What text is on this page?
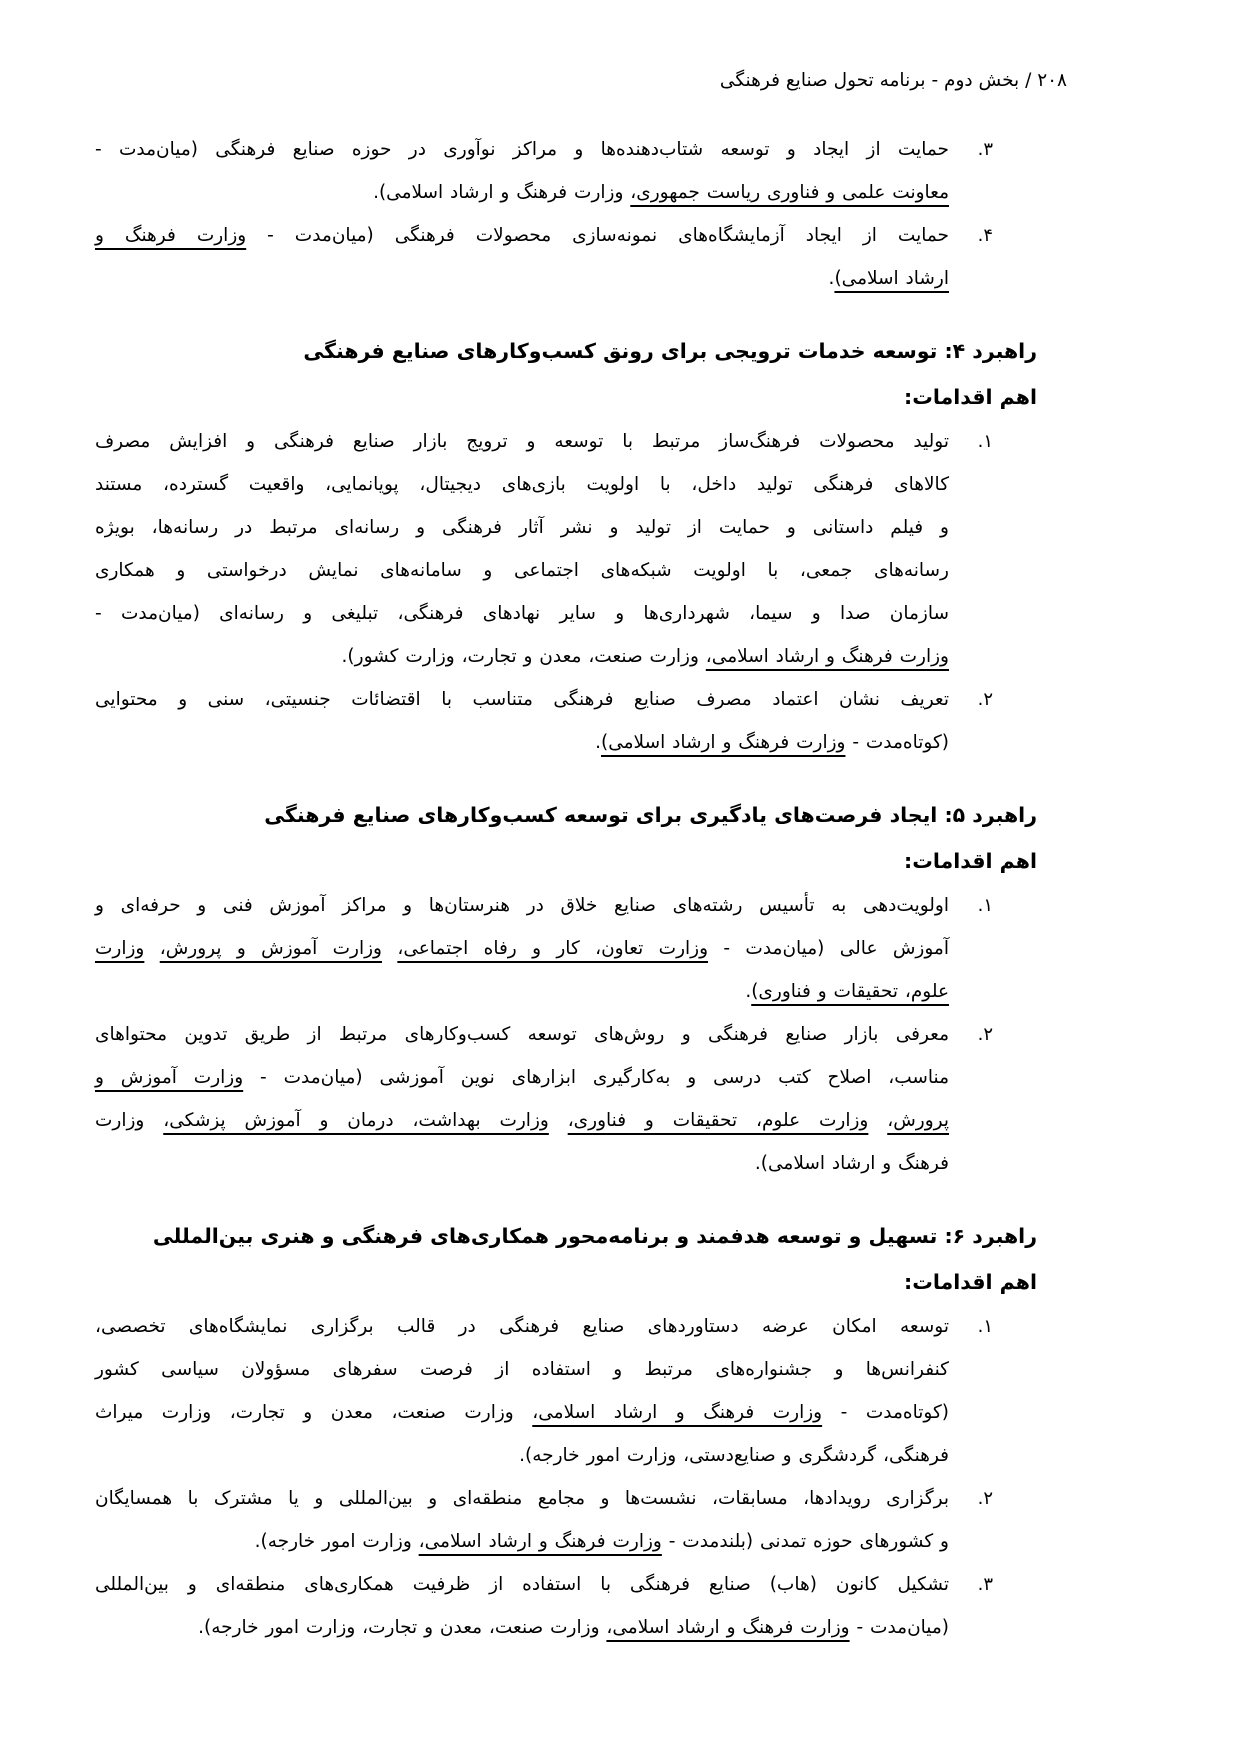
۲۰۸ / بخش دوم - برنامه تحول صنایع فرهنگی
۳.
حمایت از ایجاد و توسعه شتاب‌دهنده‌ها و مراکز نوآوری در حوزه صنایع فرهنگی (میان‌مدت -
معاونت علمی و فناوری ریاست جمهوری، وزارت فرهنگ و ارشاد اسلامی).
۴.
حمایت از ایجاد آزمایشگاه‌های نمونه‌سازی محصولات فرهنگی (میان‌مدت - وزارت فرهنگ و
ارشاد اسلامی).
راهبرد ۴: توسعه خدمات ترویجی برای رونق کسب‌وکارهای صنایع فرهنگی
اهم اقدامات:
۱.
تولید محصولات فرهنگ‌ساز مرتبط با توسعه و ترویج بازار صنایع فرهنگی و افزایش مصرف
کالاهای فرهنگی تولید داخل، با اولویت بازی‌های دیجیتال، پویانمایی، واقعیت گسترده، مستند
و فیلم داستانی و حمایت از تولید و نشر آثار فرهنگی و رسانه‌ای مرتبط در رسانه‌ها، بویژه
رسانه‌های جمعی، با اولویت شبکه‌های اجتماعی و سامانه‌های نمایش درخواستی و همکاری
سازمان صدا و سیما، شهرداری‌ها و سایر نهادهای فرهنگی، تبلیغی و رسانه‌ای (میان‌مدت -
وزارت فرهنگ و ارشاد اسلامی، وزارت صنعت، معدن و تجارت، وزارت کشور).
۲.
تعریف نشان اعتماد مصرف صنایع فرهنگی متناسب با اقتضائات جنسیتی، سنی و محتوایی
(کوتاه‌مدت - وزارت فرهنگ و ارشاد اسلامی).
راهبرد ۵: ایجاد فرصت‌های یادگیری برای توسعه کسب‌وکارهای صنایع فرهنگی
اهم اقدامات:
۱.
اولویت‌دهی به تأسیس رشته‌های صنایع خلاق در هنرستان‌ها و مراکز آموزش فنی و حرفه‌ای و
آموزش عالی (میان‌مدت - وزارت تعاون، کار و رفاه اجتماعی، وزارت آموزش و پرورش، وزارت
علوم، تحقیقات و فناوری).
۲.
معرفی بازار صنایع فرهنگی و روش‌های توسعه کسب‌وکارهای مرتبط از طریق تدوین محتواهای
مناسب، اصلاح کتب درسی و به‌کارگیری ابزارهای نوین آموزشی (میان‌مدت - وزارت آموزش و
پرورش، وزارت علوم، تحقیقات و فناوری، وزارت بهداشت، درمان و آموزش پزشکی، وزارت
فرهنگ و ارشاد اسلامی).
راهبرد ۶: تسهیل و توسعه هدفمند و برنامه‌محور همکاری‌های فرهنگی و هنری بین‌المللی
اهم اقدامات:
۱.
توسعه امکان عرضه دستاوردهای صنایع فرهنگی در قالب برگزاری نمایشگاه‌های تخصصی،
کنفرانس‌ها و جشنواره‌های مرتبط و استفاده از فرصت سفرهای مسؤولان سیاسی کشور
(کوتاه‌مدت - وزارت فرهنگ و ارشاد اسلامی، وزارت صنعت، معدن و تجارت، وزارت میراث
فرهنگی، گردشگری و صنایع‌دستی، وزارت امور خارجه).
۲.
برگزاری رویدادها، مسابقات، نشست‌ها و مجامع منطقه‌ای و بین‌المللی و یا مشترک با همسایگان
و کشورهای حوزه تمدنی (بلندمدت - وزارت فرهنگ و ارشاد اسلامی، وزارت امور خارجه).
۳.
تشکیل کانون (هاب) صنایع فرهنگی با استفاده از ظرفیت همکاری‌های منطقه‌ای و بین‌المللی
(میان‌مدت - وزارت فرهنگ و ارشاد اسلامی، وزارت صنعت، معدن و تجارت، وزارت امور خارجه).
